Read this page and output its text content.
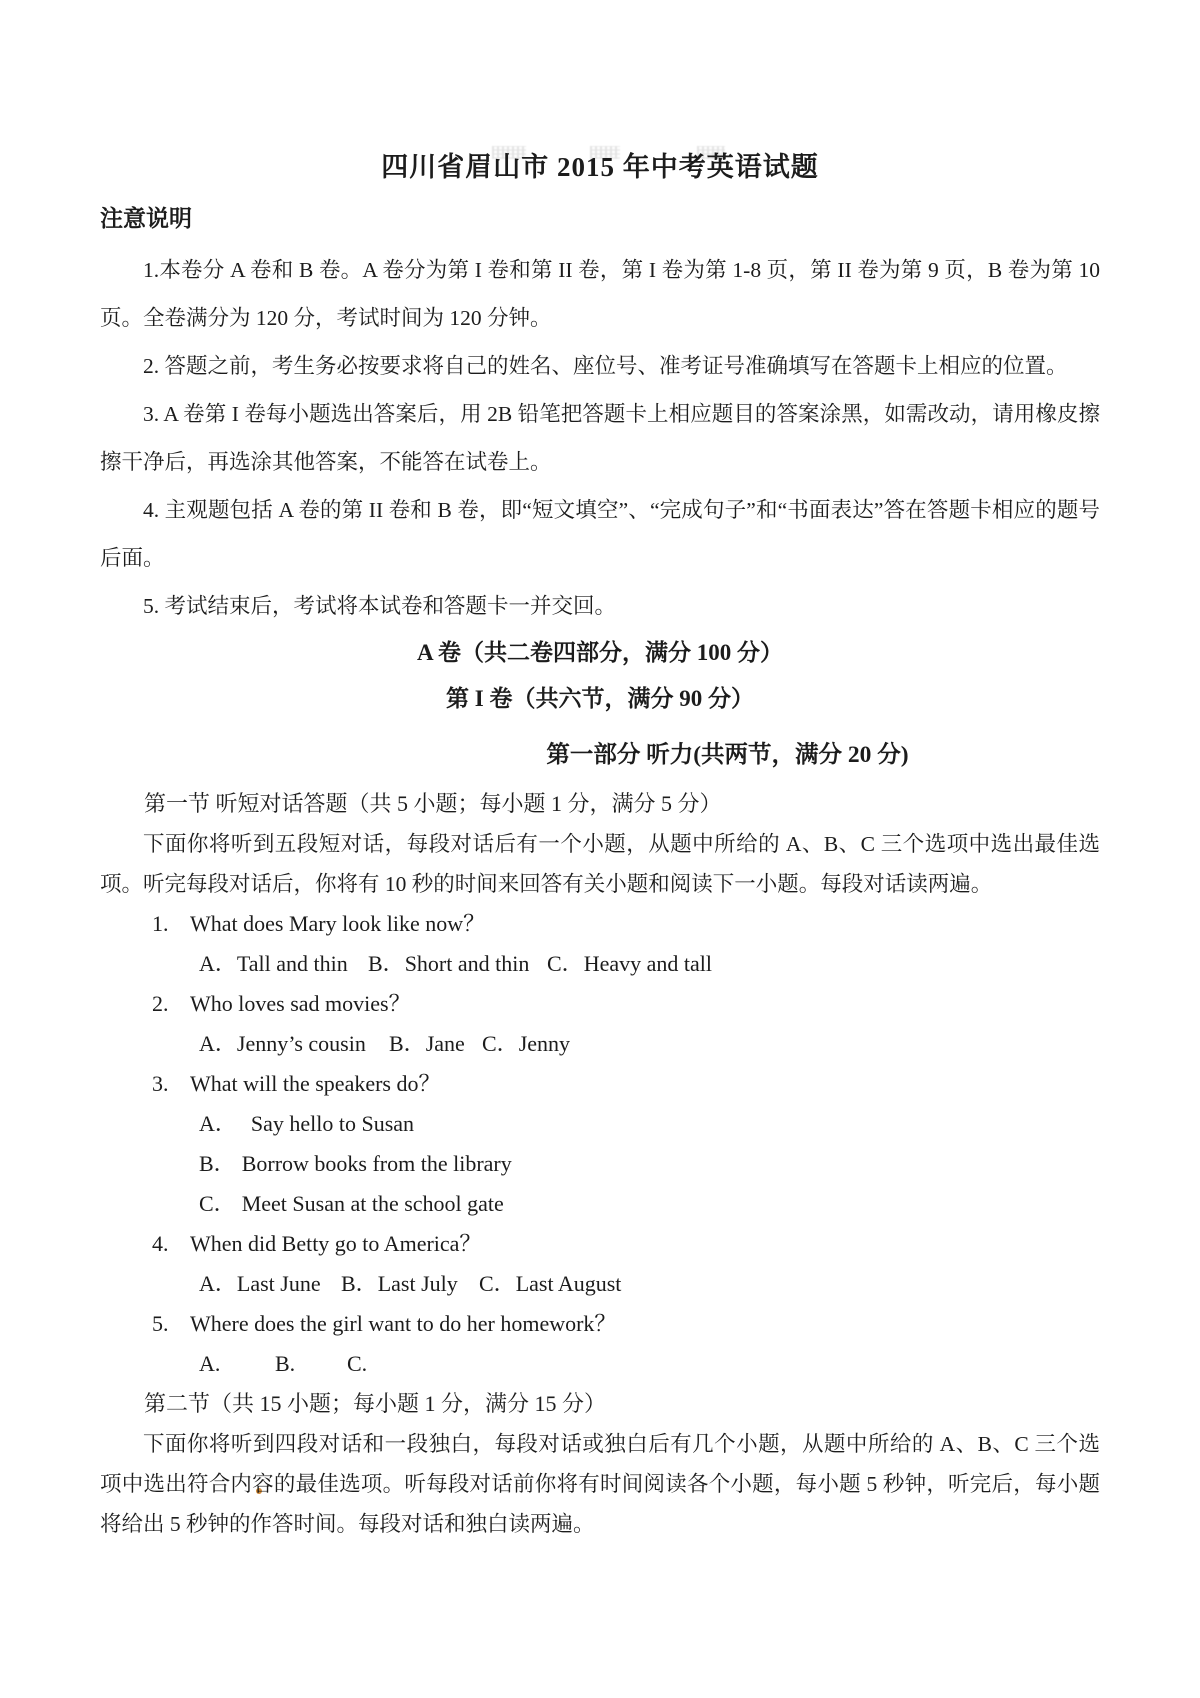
四川省眉山市 2015 年中考英语试题
注意说明

1.本卷分 A 卷和 B 卷。A 卷分为第 I 卷和第 II 卷，第 I 卷为第 1-8 页，第 II 卷为第 9 页，B 卷为第 10 页。全卷满分为 120 分，考试时间为 120 分钟。

2. 答题之前，考生务必按要求将自己的姓名、座位号、准考证号准确填写在答题卡上相应的位置。

3. A 卷第 I 卷每小题选出答案后，用 2B 铅笔把答题卡上相应题目的答案涂黑，如需改动，请用橡皮擦擦干净后，再选涂其他答案，不能答在试卷上。

4. 主观题包括 A 卷的第 II 卷和 B 卷，即“短文填空”、“完成句子”和“书面表达”答在答题卡相应的题号后面。

5. 考试结束后，考试将本试卷和答题卡一并交回。

A 卷（共二卷四部分，满分 100 分）
第 I 卷（共六节，满分 90 分）
第一部分 听力(共两节，满分 20 分)
第一节 听短对话答题（共 5 小题；每小题 1 分，满分 5 分）

下面你将听到五段短对话，每段对话后有一个小题，从题中所给的 A、B、C 三个选项中选出最佳选项。听完每段对话后，你将有 10 秒的时间来回答有关小题和阅读下一小题。每段对话读两遍。

1. What does Mary look like now？
A．Tall and thin B．Short and thin C．Heavy and tall
2. Who loves sad movies？
A．Jenny’s cousin B．Jane C．Jenny
3. What will the speakers do？
A． Say hello to Susan
B． Borrow books from the library
C． Meet Susan at the school gate
4. When did Betty go to America？
A．Last June B．Last July C．Last August
5. Where does the girl want to do her homework？
A. B. C.
第二节（共 15 小题；每小题 1 分，满分 15 分）

下面你将听到四段对话和一段独白，每段对话或独白后有几个小题，从题中所给的 A、B、C 三个选项中选出符合内容的最佳选项。听每段对话前你将有时间阅读各个小题，每小题 5 秒钟，听完后，每小题将给出 5 秒钟的作答时间。每段对话和独白读两遍。
